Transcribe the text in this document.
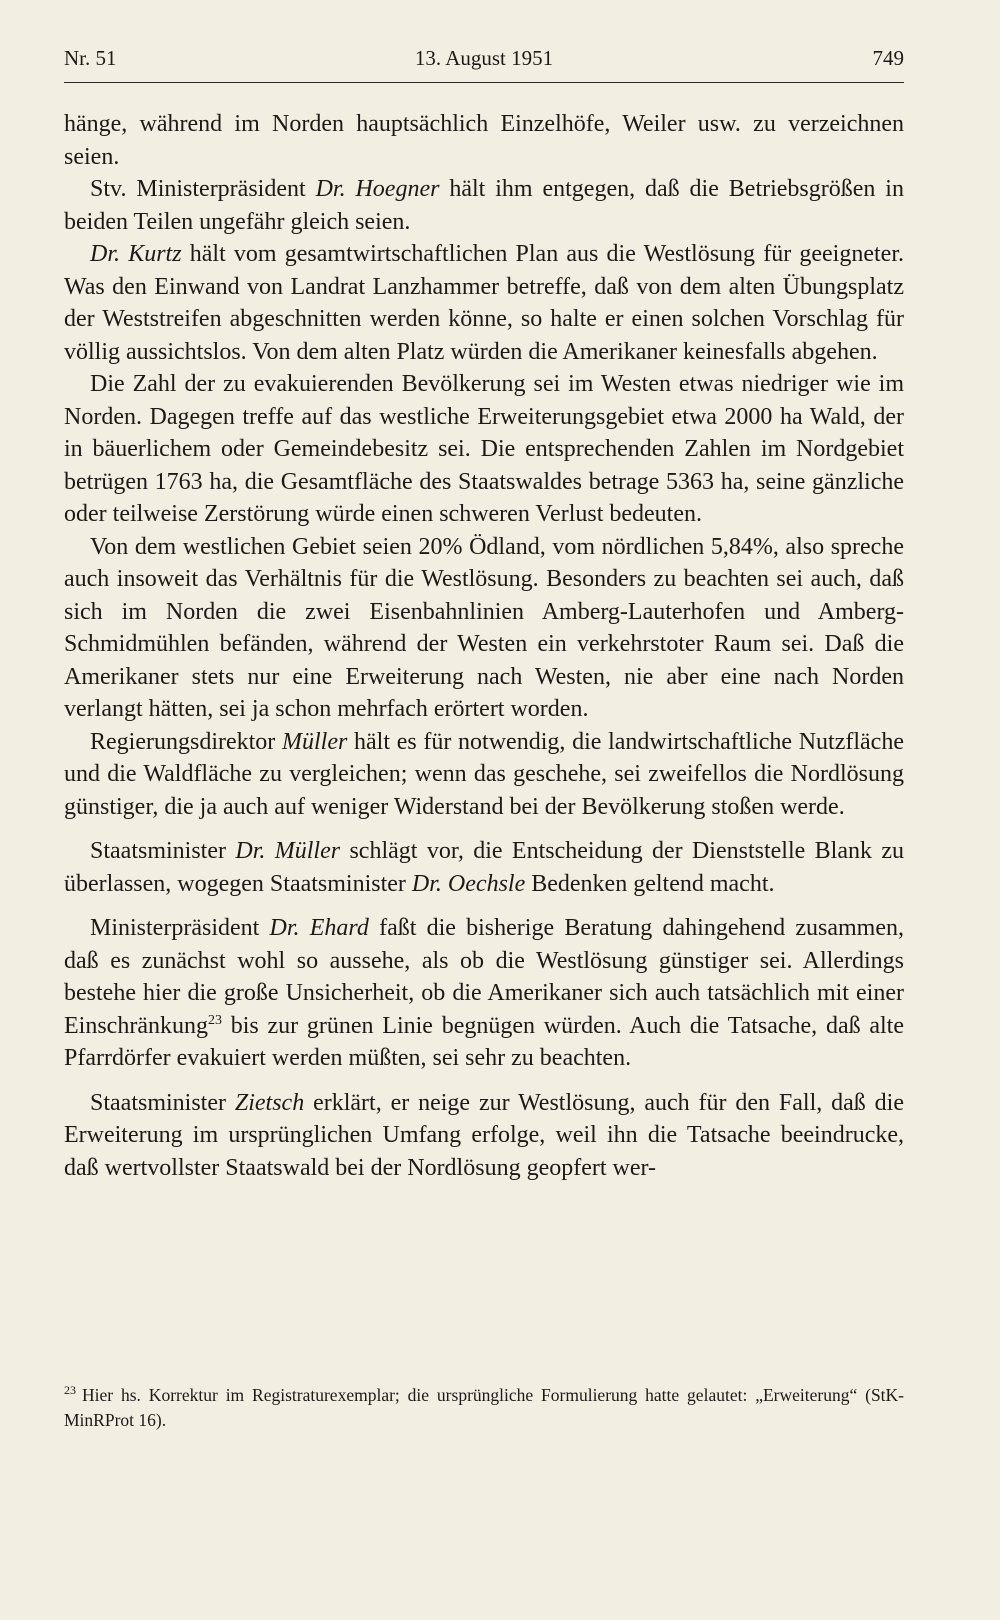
Nr. 51	13. August 1951	749

hänge, während im Norden hauptsächlich Einzelhöfe, Weiler usw. zu verzeichnen seien.

Stv. Ministerpräsident Dr. Hoegner hält ihm entgegen, daß die Betriebsgrößen in beiden Teilen ungefähr gleich seien.

Dr. Kurtz hält vom gesamtwirtschaftlichen Plan aus die Westlösung für geeigneter. Was den Einwand von Landrat Lanzhammer betreffe, daß von dem alten Übungsplatz der Weststreifen abgeschnitten werden könne, so halte er einen solchen Vorschlag für völlig aussichtslos. Von dem alten Platz würden die Amerikaner keinesfalls abgehen.

Die Zahl der zu evakuierenden Bevölkerung sei im Westen etwas niedriger wie im Norden. Dagegen treffe auf das westliche Erweiterungsgebiet etwa 2000 ha Wald, der in bäuerlichem oder Gemeindebesitz sei. Die entsprechenden Zahlen im Nordgebiet betrügen 1763 ha, die Gesamtfläche des Staatswaldes betrage 5363 ha, seine gänzliche oder teilweise Zerstörung würde einen schweren Verlust bedeuten.

Von dem westlichen Gebiet seien 20% Ödland, vom nördlichen 5,84%, also spreche auch insoweit das Verhältnis für die Westlösung. Besonders zu beachten sei auch, daß sich im Norden die zwei Eisenbahnlinien Amberg-Lauterhofen und Amberg-Schmidmühlen befänden, während der Westen ein verkehrstoter Raum sei. Daß die Amerikaner stets nur eine Erweiterung nach Westen, nie aber eine nach Norden verlangt hätten, sei ja schon mehrfach erörtert worden.

Regierungsdirektor Müller hält es für notwendig, die landwirtschaftliche Nutzfläche und die Waldfläche zu vergleichen; wenn das geschehe, sei zweifellos die Nordlösung günstiger, die ja auch auf weniger Widerstand bei der Bevölkerung stoßen werde.

Staatsminister Dr. Müller schlägt vor, die Entscheidung der Dienststelle Blank zu überlassen, wogegen Staatsminister Dr. Oechsle Bedenken geltend macht.

Ministerpräsident Dr. Ehard faßt die bisherige Beratung dahingehend zusammen, daß es zunächst wohl so aussehe, als ob die Westlösung günstiger sei. Allerdings bestehe hier die große Unsicherheit, ob die Amerikaner sich auch tatsächlich mit einer Einschränkung$^{23}$ bis zur grünen Linie begnügen würden. Auch die Tatsache, daß alte Pfarrdörfer evakuiert werden müßten, sei sehr zu beachten.

Staatsminister Zietsch erklärt, er neige zur Westlösung, auch für den Fall, daß die Erweiterung im ursprünglichen Umfang erfolge, weil ihn die Tatsache beeindrucke, daß wertvollster Staatswald bei der Nordlösung geopfert wer-

$^{23}$ Hier hs. Korrektur im Registraturexemplar; die ursprüngliche Formulierung hatte gelautet: „Erweiterung“ (StK-MinRProt 16).
